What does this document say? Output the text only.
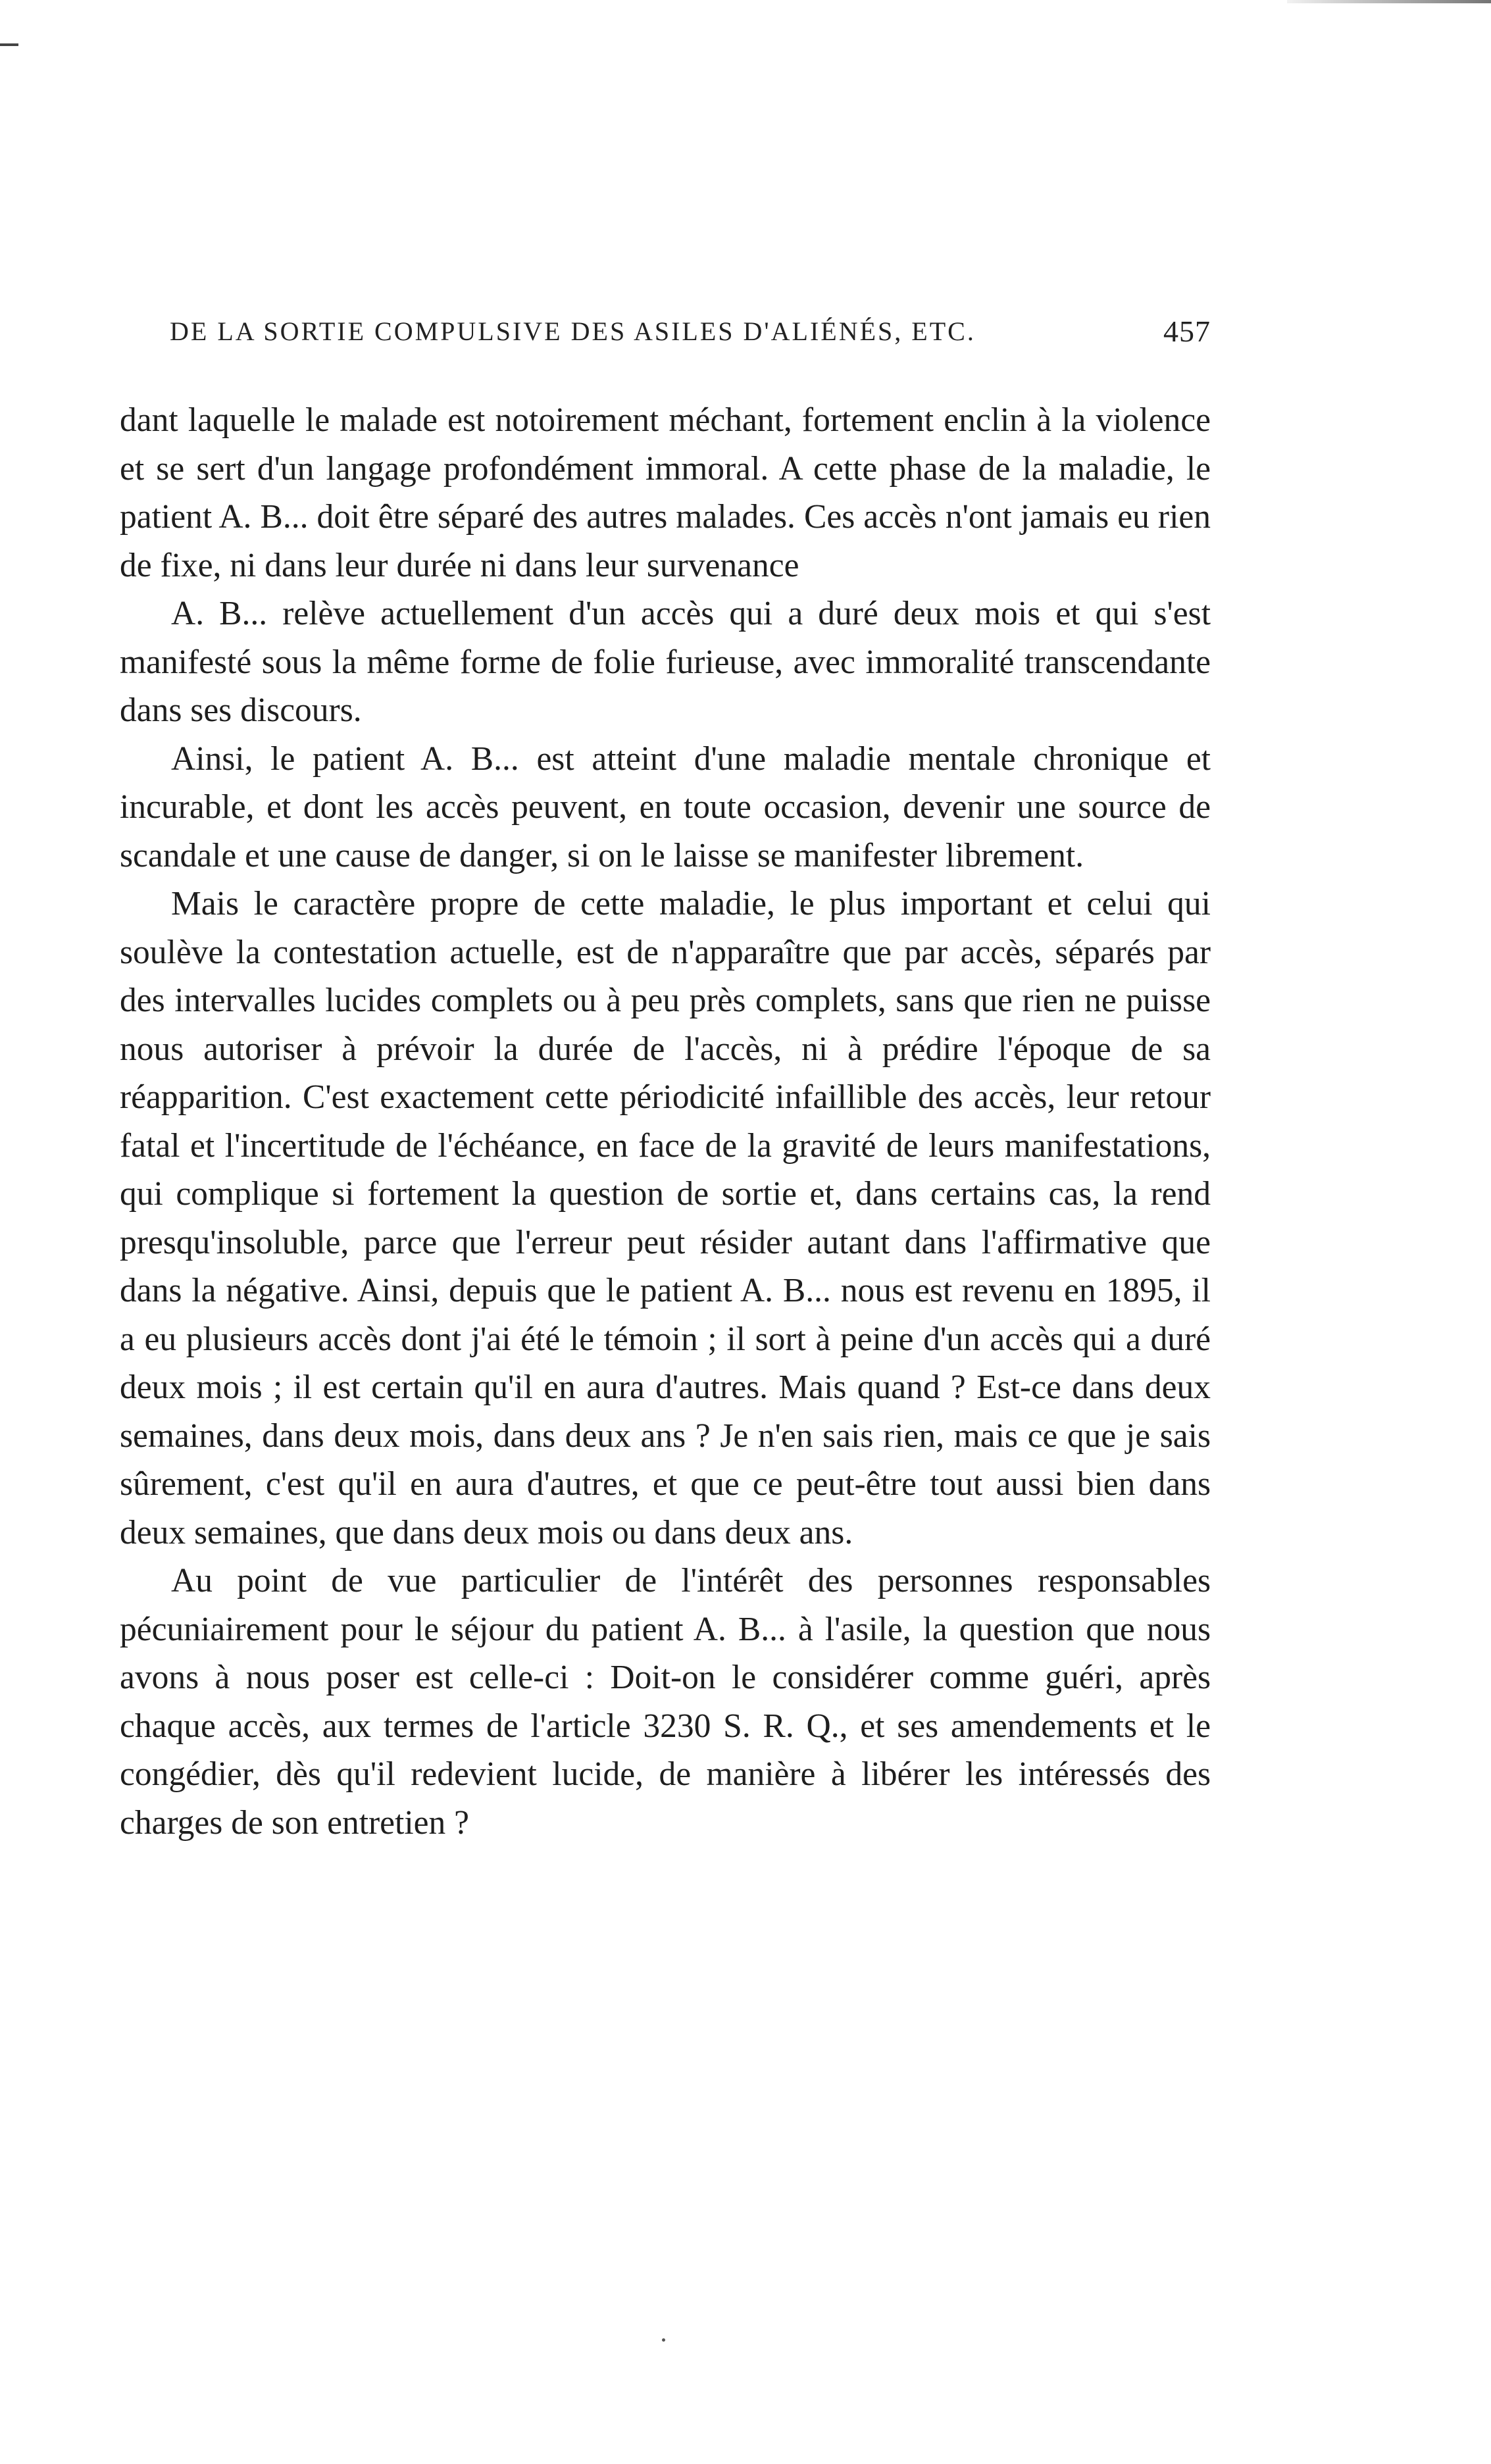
DE LA SORTIE COMPULSIVE DES ASILES D'ALIÉNÉS, ETC.	457

dant laquelle le malade est notoirement méchant, fortement enclin à la violence et se sert d'un langage profondément immoral. A cette phase de la maladie, le patient A. B... doit être séparé des autres malades. Ces accès n'ont jamais eu rien de fixe, ni dans leur durée ni dans leur survenance

A. B... relève actuellement d'un accès qui a duré deux mois et qui s'est manifesté sous la même forme de folie furieuse, avec immoralité transcendante dans ses discours.

Ainsi, le patient A. B... est atteint d'une maladie mentale chronique et incurable, et dont les accès peuvent, en toute occasion, devenir une source de scandale et une cause de danger, si on le laisse se manifester librement.

Mais le caractère propre de cette maladie, le plus important et celui qui soulève la contestation actuelle, est de n'apparaître que par accès, séparés par des intervalles lucides complets ou à peu près complets, sans que rien ne puisse nous autoriser à prévoir la durée de l'accès, ni à prédire l'époque de sa réapparition. C'est exactement cette périodicité infaillible des accès, leur retour fatal et l'incertitude de l'échéance, en face de la gravité de leurs manifestations, qui complique si fortement la question de sortie et, dans certains cas, la rend presqu'insoluble, parce que l'erreur peut résider autant dans l'affirmative que dans la négative. Ainsi, depuis que le patient A. B... nous est revenu en 1895, il a eu plusieurs accès dont j'ai été le témoin ; il sort à peine d'un accès qui a duré deux mois ; il est certain qu'il en aura d'autres. Mais quand ? Est-ce dans deux semaines, dans deux mois, dans deux ans ? Je n'en sais rien, mais ce que je sais sûrement, c'est qu'il en aura d'autres, et que ce peut-être tout aussi bien dans deux semaines, que dans deux mois ou dans deux ans.

Au point de vue particulier de l'intérêt des personnes responsables pécuniairement pour le séjour du patient A. B... à l'asile, la question que nous avons à nous poser est celle-ci : Doit-on le considérer comme guéri, après chaque accès, aux termes de l'article 3230 S. R. Q., et ses amendements et le congédier, dès qu'il redevient lucide, de manière à libérer les intéressés des charges de son entretien ?
